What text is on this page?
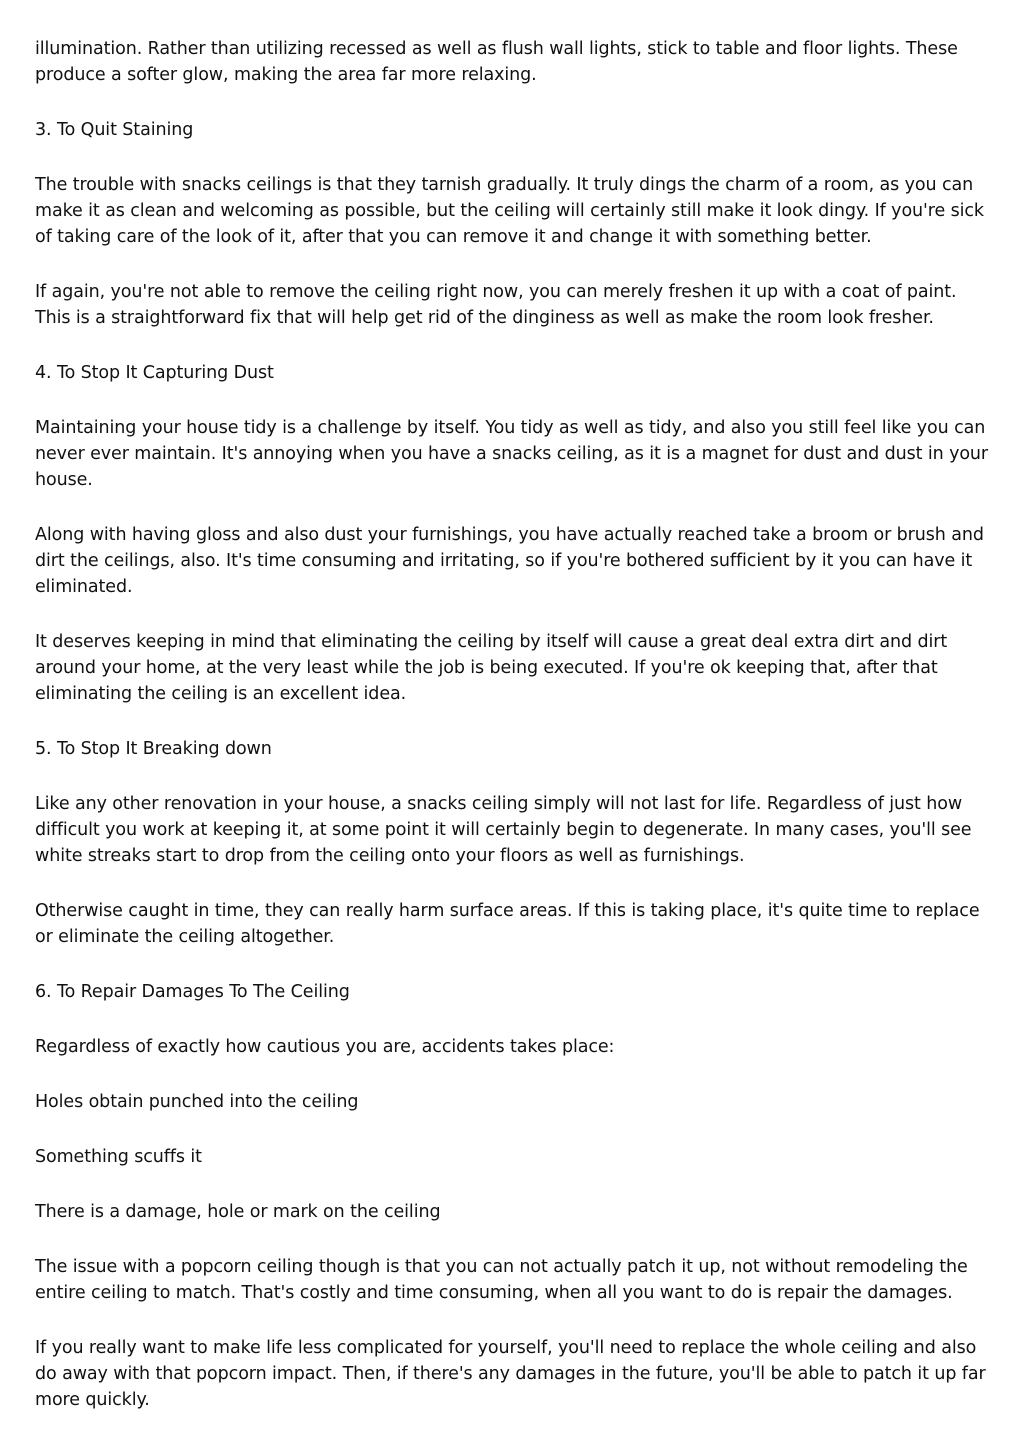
illumination. Rather than utilizing recessed as well as flush wall lights, stick to table and floor lights. These produce a softer glow, making the area far more relaxing.

3. To Quit Staining

The trouble with snacks ceilings is that they tarnish gradually. It truly dings the charm of a room, as you can make it as clean and welcoming as possible, but the ceiling will certainly still make it look dingy. If you're sick of taking care of the look of it, after that you can remove it and change it with something better.

If again, you're not able to remove the ceiling right now, you can merely freshen it up with a coat of paint. This is a straightforward fix that will help get rid of the dinginess as well as make the room look fresher.

4. To Stop It Capturing Dust

Maintaining your house tidy is a challenge by itself. You tidy as well as tidy, and also you still feel like you can never ever maintain. It's annoying when you have a snacks ceiling, as it is a magnet for dust and dust in your house.

Along with having gloss and also dust your furnishings, you have actually reached take a broom or brush and dirt the ceilings, also. It's time consuming and irritating, so if you're bothered sufficient by it you can have it eliminated.

It deserves keeping in mind that eliminating the ceiling by itself will cause a great deal extra dirt and dirt around your home, at the very least while the job is being executed. If you're ok keeping that, after that eliminating the ceiling is an excellent idea.

5. To Stop It Breaking down

Like any other renovation in your house, a snacks ceiling simply will not last for life. Regardless of just how difficult you work at keeping it, at some point it will certainly begin to degenerate. In many cases, you'll see white streaks start to drop from the ceiling onto your floors as well as furnishings.

Otherwise caught in time, they can really harm surface areas. If this is taking place, it's quite time to replace or eliminate the ceiling altogether.

6. To Repair Damages To The Ceiling

Regardless of exactly how cautious you are, accidents takes place:

Holes obtain punched into the ceiling

Something scuffs it

There is a damage, hole or mark on the ceiling

The issue with a popcorn ceiling though is that you can not actually patch it up, not without remodeling the entire ceiling to match. That's costly and time consuming, when all you want to do is repair the damages.

If you really want to make life less complicated for yourself, you'll need to replace the whole ceiling and also do away with that popcorn impact. Then, if there's any damages in the future, you'll be able to patch it up far more quickly.
